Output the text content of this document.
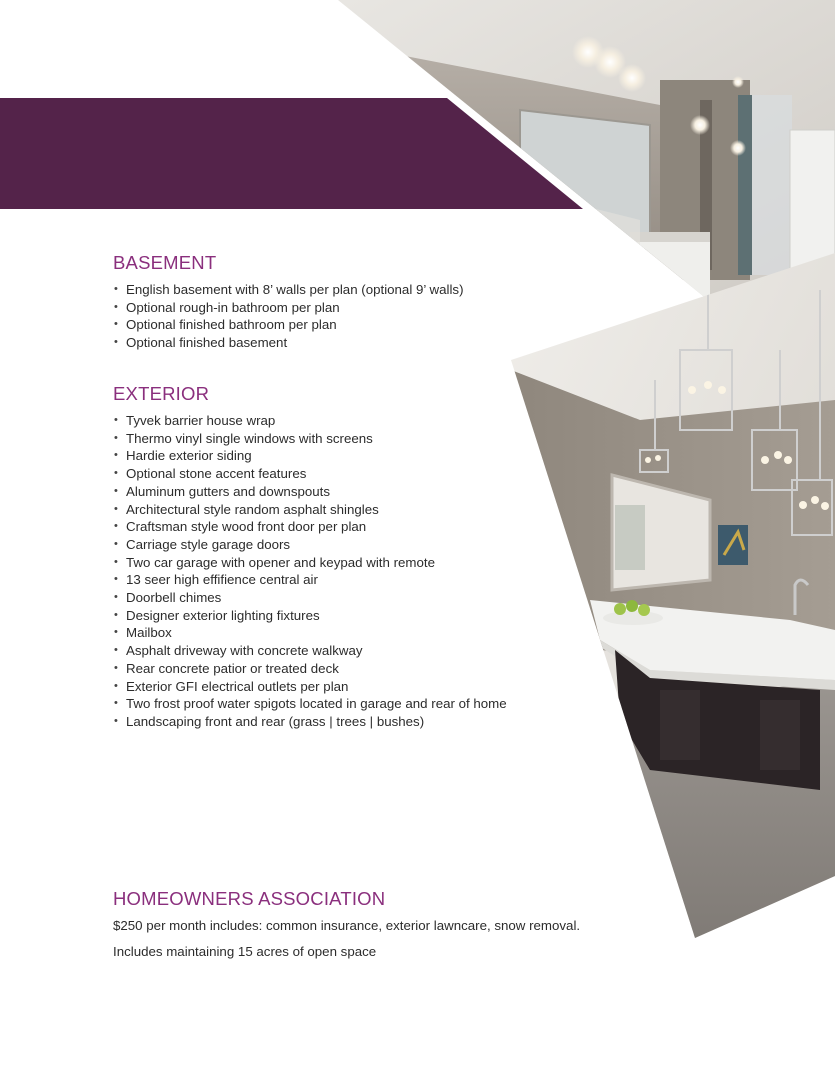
BASEMENT
• English basement with 8’ walls per plan (optional 9’ walls)
• Optional rough-in bathroom per plan
• Optional finished bathroom per plan
• Optional finished basement
EXTERIOR
• Tyvek barrier house wrap
• Thermo vinyl single windows with screens
• Hardie exterior siding
• Optional stone accent features
• Aluminum gutters and downspouts
• Architectural style random asphalt shingles
• Craftsman style wood front door per plan
• Carriage style garage doors
• Two car garage with opener and keypad with remote
• 13 seer high effifience central air
• Doorbell chimes
• Designer exterior lighting fixtures
• Mailbox
• Asphalt driveway with concrete walkway
• Rear concrete patior or treated deck
• Exterior GFI electrical outlets per plan
• Two frost proof water spigots located in garage and rear of home
• Landscaping front and rear (grass | trees | bushes)
HOMEOWNERS ASSOCIATION

$250 per month includes: common insurance, exterior lawncare, snow removal.

Includes maintaining 15 acres of open space
